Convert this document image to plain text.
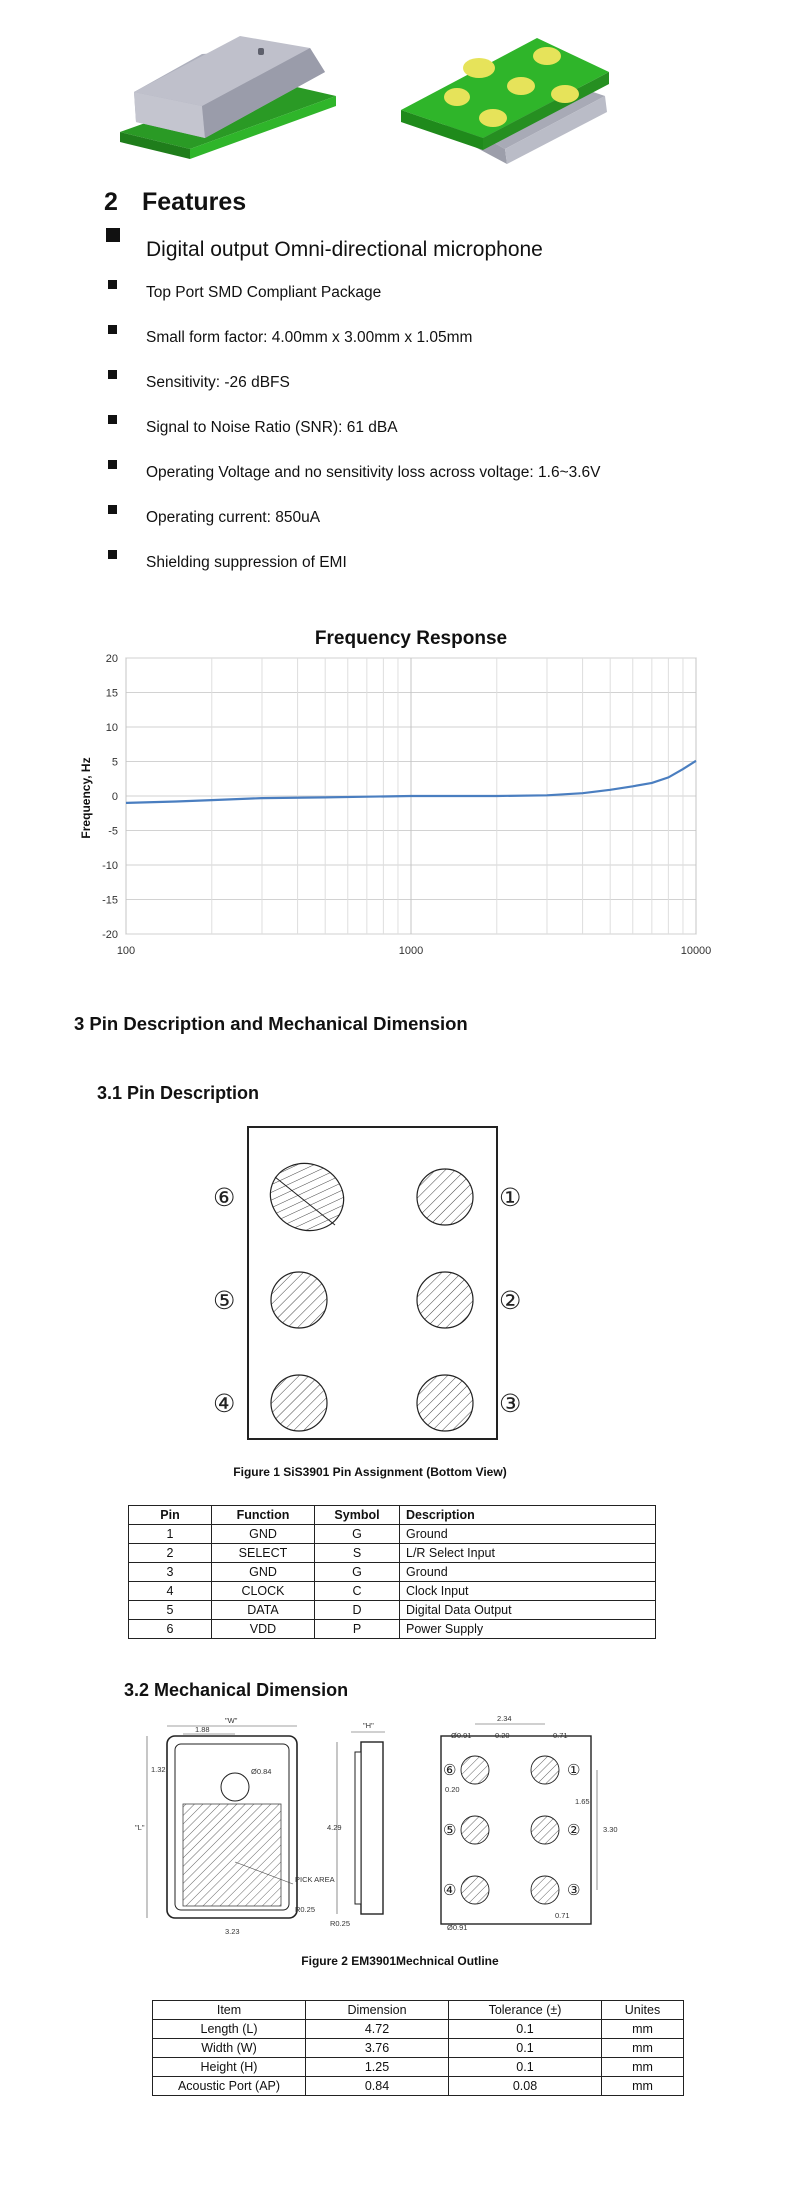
2 Features
Digital output Omni-directional microphone
Top Port SMD Compliant Package
Small form factor: 4.00mm x 3.00mm x 1.05mm
Sensitivity: -26 dBFS
Signal to Noise Ratio (SNR): 61 dBA
Operating Voltage and no sensitivity loss across voltage: 1.6~3.6V
Operating current: 850uA
Shielding suppression of EMI
Frequency Response
Frequency, Hz
20
15
10
5
0
-5
-10
-15
-20
100	1000	10000
3 Pin Description and Mechanical Dimension
3.1 Pin Description
⑥	①
⑤	②
④	③
Figure 1 SiS3901 Pin Assignment (Bottom View)
Pin	Function	Symbol	Description
1	GND	G	Ground
2	SELECT	S	L/R Select Input
3	GND	G	Ground
4	CLOCK	C	Clock Input
5	DATA	D	Digital Data Output
6	VDD	P	Power Supply
3.2 Mechanical Dimension
"W"
1.88
"L"
1.32	Ø0.84
PICK AREA
R0.25
3.23
"H"
4.29
R0.25
2.34
Ø0.91	0.20	0.71
0.20
1.65
3.30
Ø0.91
0.71
⑥	①
⑤	②
④	③
Figure 2 EM3901Mechnical Outline
Item	Dimension	Tolerance (±)	Unites
Length (L)	4.72	0.1	mm
Width (W)	3.76	0.1	mm
Height (H)	1.25	0.1	mm
Acoustic Port (AP)	0.84	0.08	mm
